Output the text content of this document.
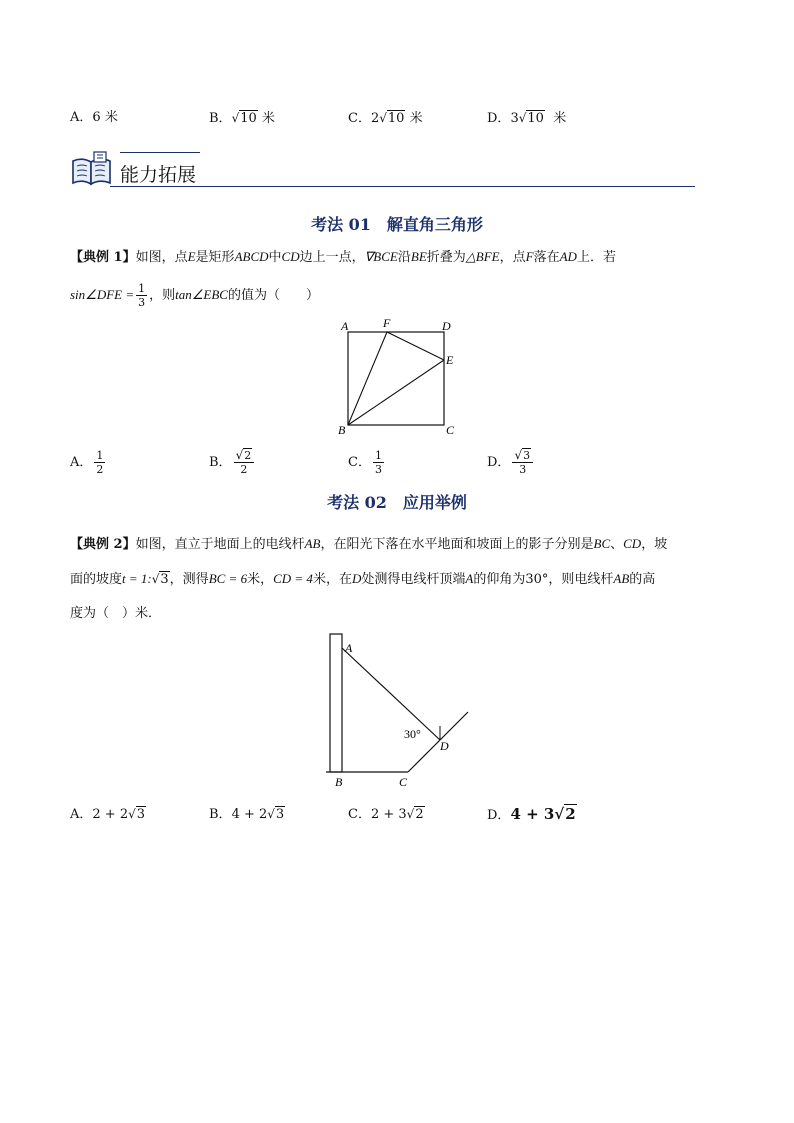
A．6 米	B．√10 米	C．2√10 米	D．3√10 米
能力拓展
考法 01　解直角三角形
【典例 1】如图，点E是矩形ABCD中CD边上一点，∇BCE沿BE折叠为△BFE，点F落在AD上．若
sin∠DFE = $\frac{1}{3}$ ，则tan∠EBC的值为（　　）
A	F	D
E
B	C
A． $\frac{1}{2}$	B． $\frac{√2}{2}$	C． $\frac{1}{3}$	D． $\frac{√3}{3}$
考法 02　应用举例
【典例 2】如图，直立于地面上的电线杆AB，在阳光下落在水平地面和坡面上的影子分别是BC、CD，坡
面的坡度t = 1:√3，测得BC = 6米，CD = 4米，在D处测得电线杆顶端A的仰角为30°，则电线杆AB的高
度为（　）米．
A
B	C
D
30°
A．2 + 2√3	B．4 + 2√3	C．2 + 3√2	D．4 + 3√2
